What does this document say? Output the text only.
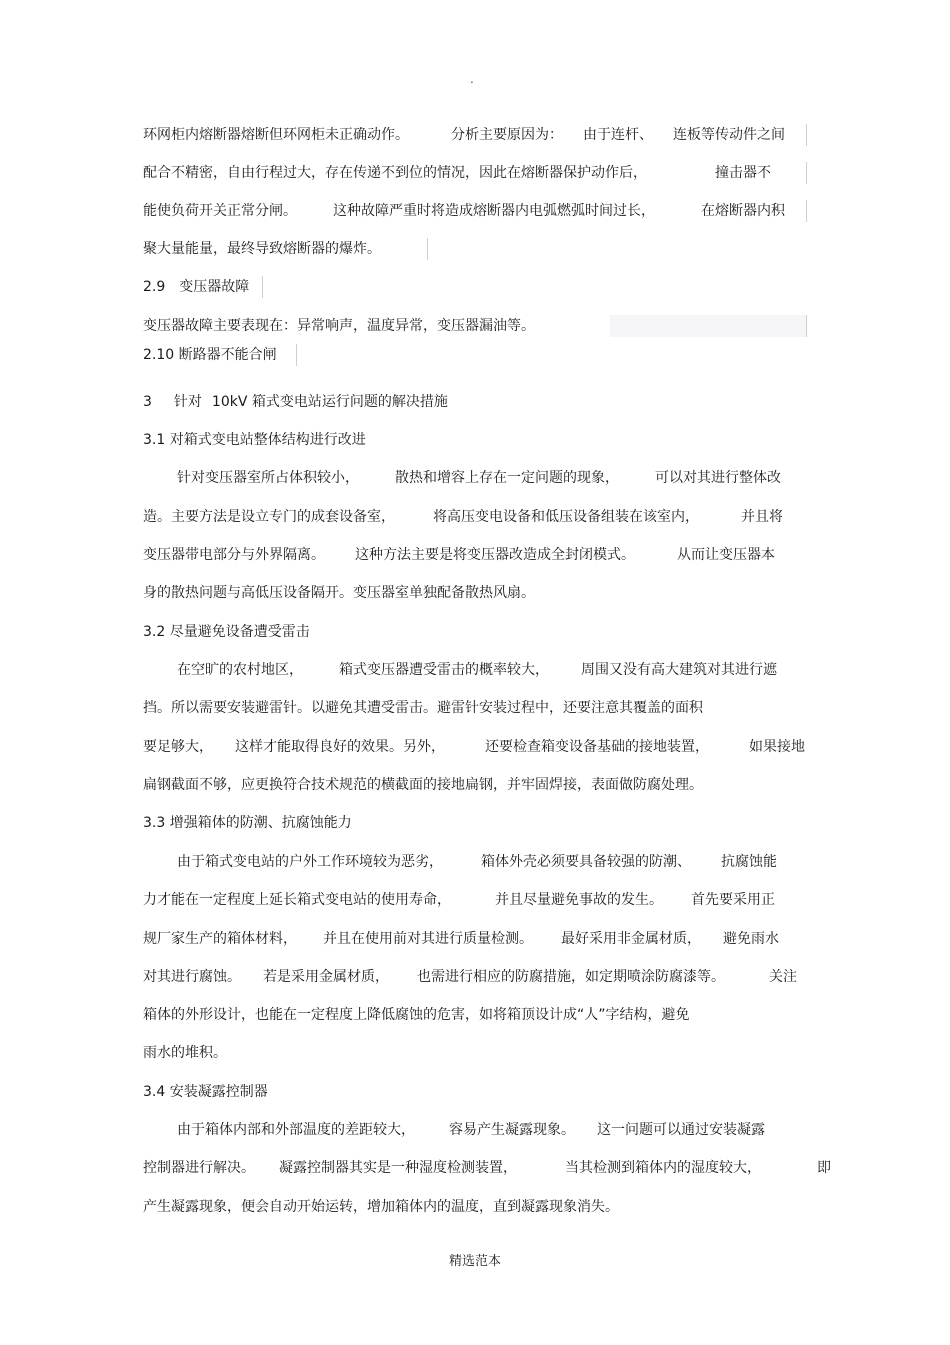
.
环网柜内熔断器熔断但环网柜未正确动作。	分析主要原因为： 由于连杆、 连板等传动件之间
配合不精密，自由行程过大，存在传递不到位的情况，因此在熔断器保护动作后，	撞击器不
能使负荷开关正常分闸。	这种故障严重时将造成熔断器内电弧燃弧时间过长，	在熔断器内积
聚大量能量，最终导致熔断器的爆炸。
2.9 变压器故障
变压器故障主要表现在：异常响声，温度异常，变压器漏油等。
2.10 断路器不能合闸
3 针对 10kV 箱式变电站运行问题的解决措施
3.1 对箱式变电站整体结构进行改进
针对变压器室所占体积较小，	散热和增容上存在一定问题的现象，	可以对其进行整体改
造。主要方法是设立专门的成套设备室，	将高压变电设备和低压设备组装在该室内，	并且将
变压器带电部分与外界隔离。 这种方法主要是将变压器改造成全封闭模式。	从而让变压器本
身的散热问题与高低压设备隔开。变压器室单独配备散热风扇。
3.2 尽量避免设备遭受雷击
在空旷的农村地区，	箱式变压器遭受雷击的概率较大， 周围又没有高大建筑对其进行遮
挡。所以需要安装避雷针。以避免其遭受雷击。避雷针安装过程中，还要注意其覆盖的面积
要足够大， 这样才能取得良好的效果。另外，	还要检查箱变设备基础的接地装置，	如果接地
扁钢截面不够，应更换符合技术规范的横截面的接地扁钢，并牢固焊接，表面做防腐处理。
3.3 增强箱体的防潮、抗腐蚀能力
由于箱式变电站的户外工作环境较为恶劣，	箱体外壳必须要具备较强的防潮、 抗腐蚀能
力才能在一定程度上延长箱式变电站的使用寿命，	并且尽量避免事故的发生。 首先要采用正
规厂家生产的箱体材料， 并且在使用前对其进行质量检测。 最好采用非金属材质， 避免雨水
对其进行腐蚀。 若是采用金属材质， 也需进行相应的防腐措施，如定期喷涂防腐漆等。	关注
箱体的外形设计，也能在一定程度上降低腐蚀的危害，如将箱顶设计成“人”字结构，避免
雨水的堆积。
3.4 安装凝露控制器
由于箱体内部和外部温度的差距较大， 容易产生凝露现象。 这一问题可以通过安装凝露
控制器进行解决。 凝露控制器其实是一种湿度检测装置，	当其检测到箱体内的湿度较大，	即
产生凝露现象，便会自动开始运转，增加箱体内的温度，直到凝露现象消失。
精选范本
